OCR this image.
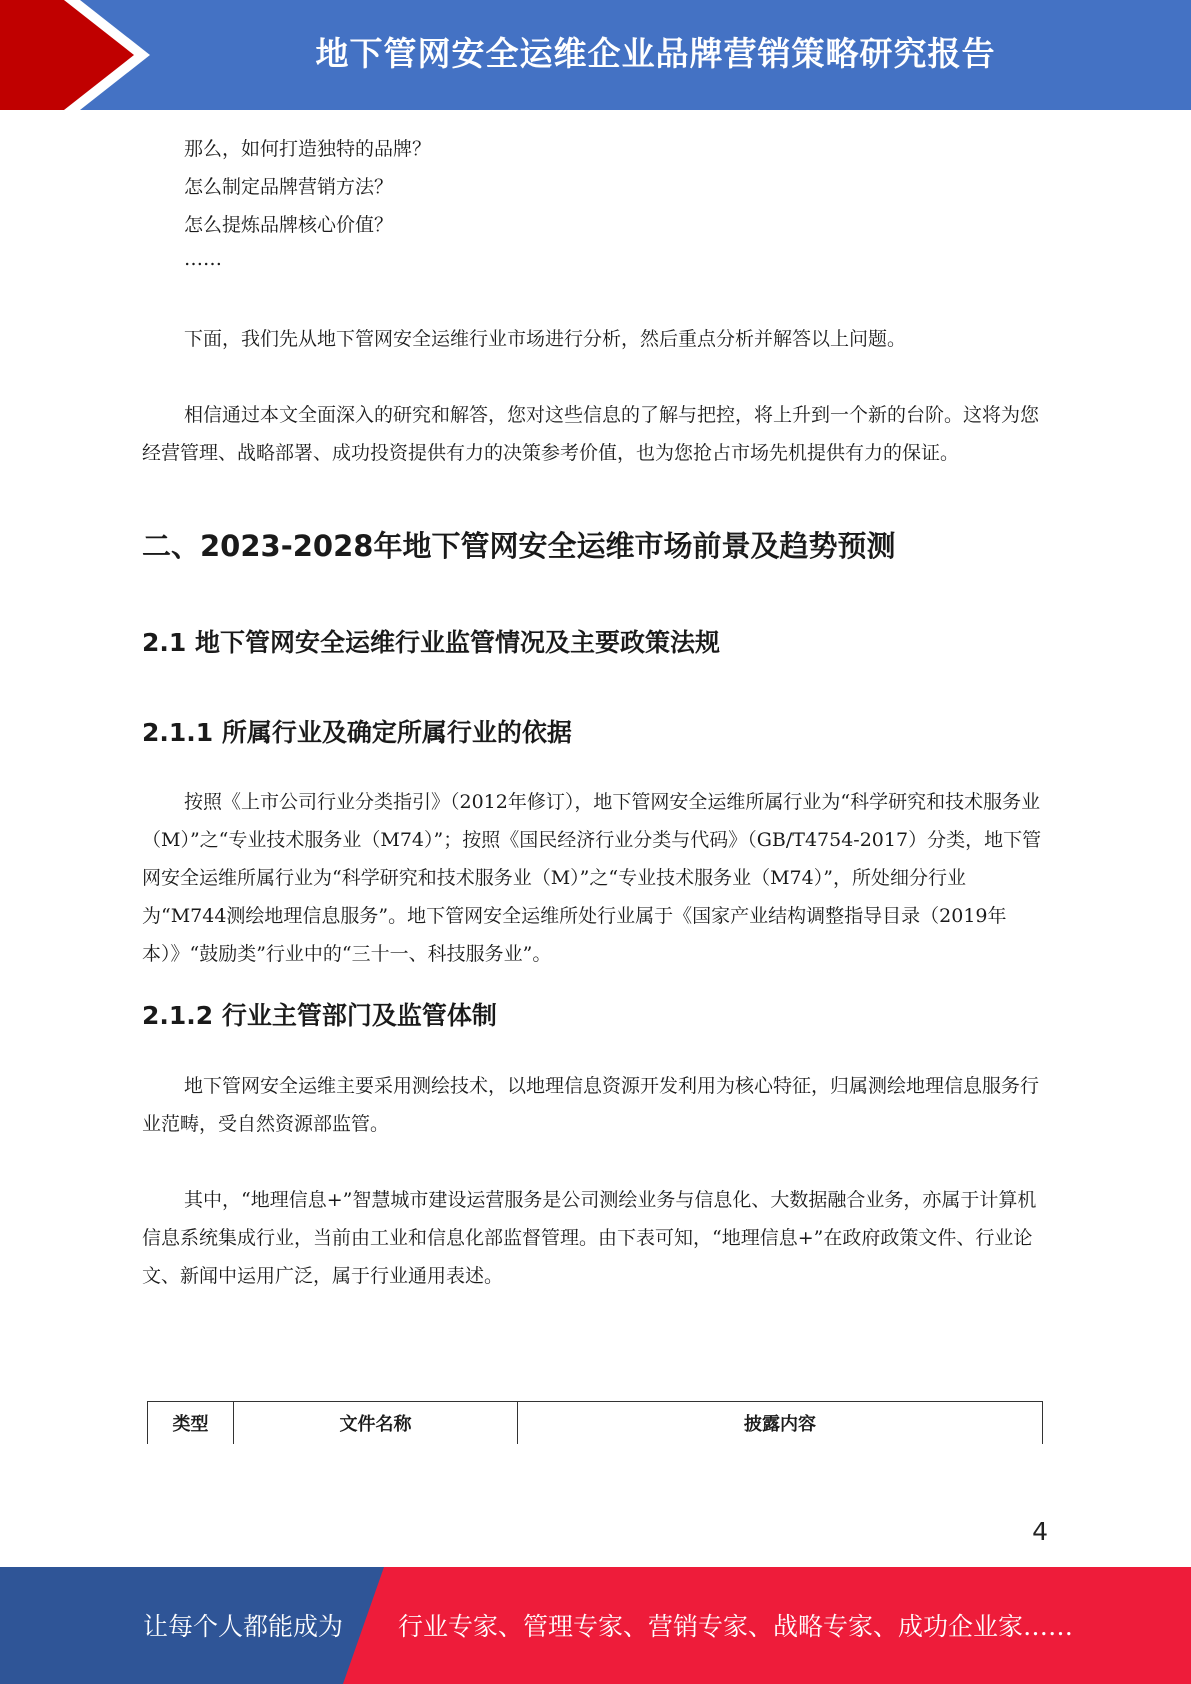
地下管网安全运维企业品牌营销策略研究报告

那么，如何打造独特的品牌？

怎么制定品牌营销方法？

怎么提炼品牌核心价值？

……

下面，我们先从地下管网安全运维行业市场进行分析，然后重点分析并解答以上问题。

相信通过本文全面深入的研究和解答，您对这些信息的了解与把控，将上升到一个新的台阶。这将为您经营管理、战略部署、成功投资提供有力的决策参考价值，也为您抢占市场先机提供有力的保证。

二、2023-2028年地下管网安全运维市场前景及趋势预测
2.1 地下管网安全运维行业监管情况及主要政策法规
2.1.1 所属行业及确定所属行业的依据

按照《上市公司行业分类指引》（2012年修订），地下管网安全运维所属行业为“科学研究和技术服务业（M）”之“专业技术服务业（M74）”；按照《国民经济行业分类与代码》（GB/T4754-2017）分类，地下管网安全运维所属行业为“科学研究和技术服务业（M）”之“专业技术服务业（M74）”，所处细分行业为“M744测绘地理信息服务”。地下管网安全运维所处行业属于《国家产业结构调整指导目录（2019年本）》“鼓励类”行业中的“三十一、科技服务业”。

2.1.2 行业主管部门及监管体制

地下管网安全运维主要采用测绘技术，以地理信息资源开发利用为核心特征，归属测绘地理信息服务行业范畴，受自然资源部监管。

其中，“地理信息+”智慧城市建设运营服务是公司测绘业务与信息化、大数据融合业务，亦属于计算机信息系统集成行业，当前由工业和信息化部监督管理。由下表可知，“地理信息+”在政府政策文件、行业论文、新闻中运用广泛，属于行业通用表述。

类型	文件名称	披露内容
4
让每个人都能成为 行业专家、管理专家、营销专家、战略专家、成功企业家……
